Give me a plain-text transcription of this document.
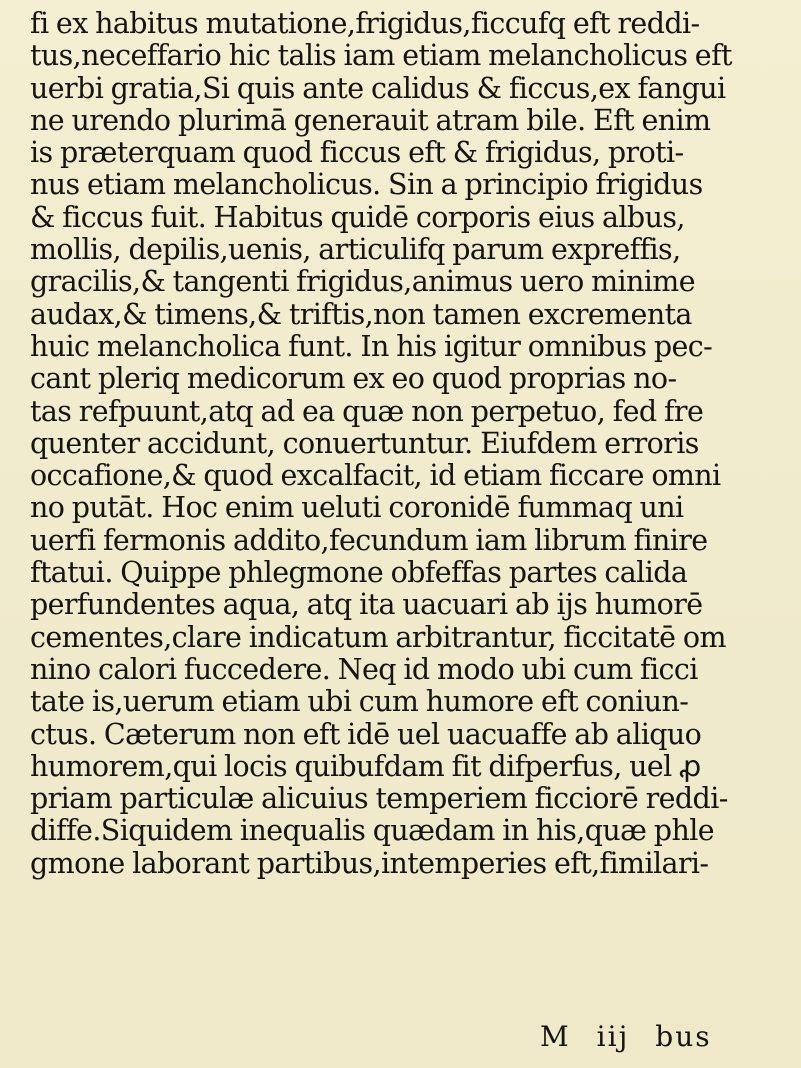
fi ex habitus mutatione,frigidus,ficcufq eft reddi-
tus,neceffario hic talis iam etiam melancholicus eft
uerbi gratia,Si quis ante calidus & ficcus,ex fangui
ne urendo plurimā generauit atram bile. Eft enim
is præterquam quod ficcus eft & frigidus, proti-
nus etiam melancholicus. Sin a principio frigidus
& ficcus fuit. Habitus quidē corporis eius albus,
mollis, depilis,uenis, articulifq parum expreffis,
gracilis,& tangenti frigidus,animus uero minime
audax,& timens,& triftis,non tamen excrementa
huic melancholica funt. In his igitur omnibus pec-
cant pleriq medicorum ex eo quod proprias no-
tas refpuunt,atq ad ea quæ non perpetuo, fed fre
quenter accidunt, conuertuntur. Eiufdem erroris
occafione,& quod excalfacit, id etiam ficcare omni
no putāt. Hoc enim ueluti coronidē fummaq uni
uerfi fermonis addito,fecundum iam librum finire
ftatui. Quippe phlegmone obfeffas partes calida
perfundentes aqua, atq ita uacuari ab ijs humorē
cementes,clare indicatum arbitrantur, ficcitatē om
nino calori fuccedere. Neq id modo ubi cum ficci
tate is,uerum etiam ubi cum humore eft coniun-
ctus. Cæterum non eft idē uel uacuaffe ab aliquo
humorem,qui locis quibufdam fit difperfus, uel ꝓ
priam particulæ alicuius temperiem ficciorē reddi-
diffe.Siquidem inequalis quædam in his,quæ phle
gmone laborant partibus,intemperies eft,fimilari-
M iij bus
